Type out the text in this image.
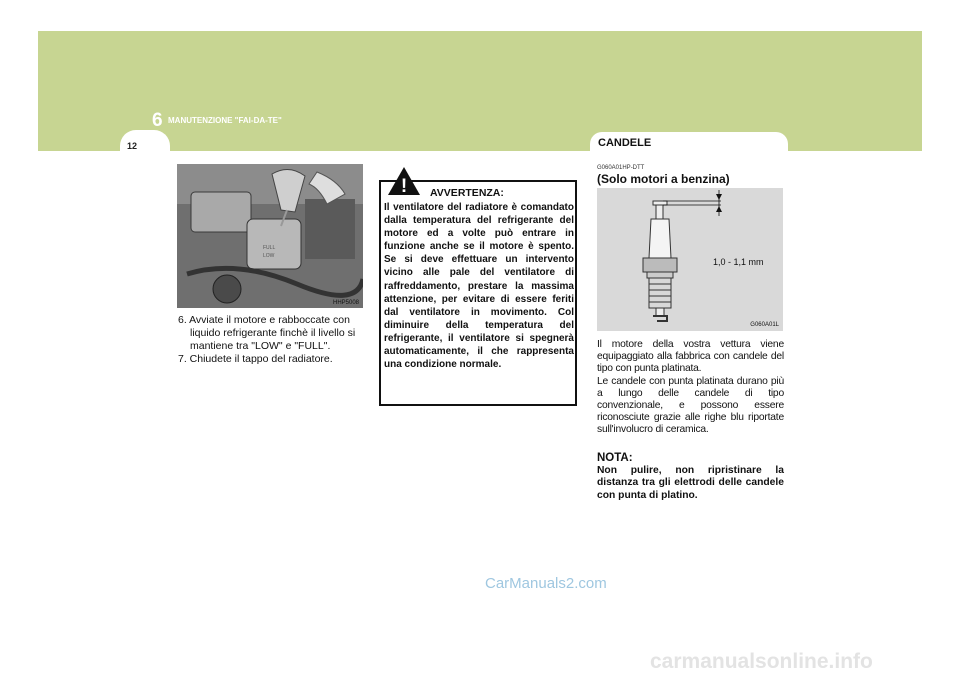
6 MANUTENZIONE "FAI-DA-TE"
12	CANDELE
FULL
LOW
HHP5008

6. Avviate il motore e rabboccate con liquido refrigerante finchè il livello si mantiene tra "LOW" e "FULL".

7. Chiudete il tappo del radiatore.

! AVVERTENZA:
Il ventilatore del radiatore è comandato dalla temperatura del refrigerante del motore ed a volte può entrare in funzione anche se il motore è spento. Se si deve effettuare un intervento vicino alle pale del ventilatore di raffreddamento, prestare la massima attenzione, per evitare di essere feriti dal ventilatore in movimento. Col diminuire della temperatura del refrigerante, il ventilatore si spegnerà automaticamente, il che rappresenta una condizione normale.
G060A01HP-DTT
(Solo motori a benzina)
G060A01L
1,0 - 1,1 mm

Il motore della vostra vettura viene equipaggiato alla fabbrica con candele del tipo con punta platinata.

Le candele con punta platinata durano più a lungo delle candele di tipo convenzionale, e possono essere riconosciute grazie alle righe blu riportate sull'involucro di ceramica.

NOTA:
Non pulire, non ripristinare la distanza tra gli elettrodi delle candele con punta di platino.
CarManuals2.com
carmanualsonline.info
